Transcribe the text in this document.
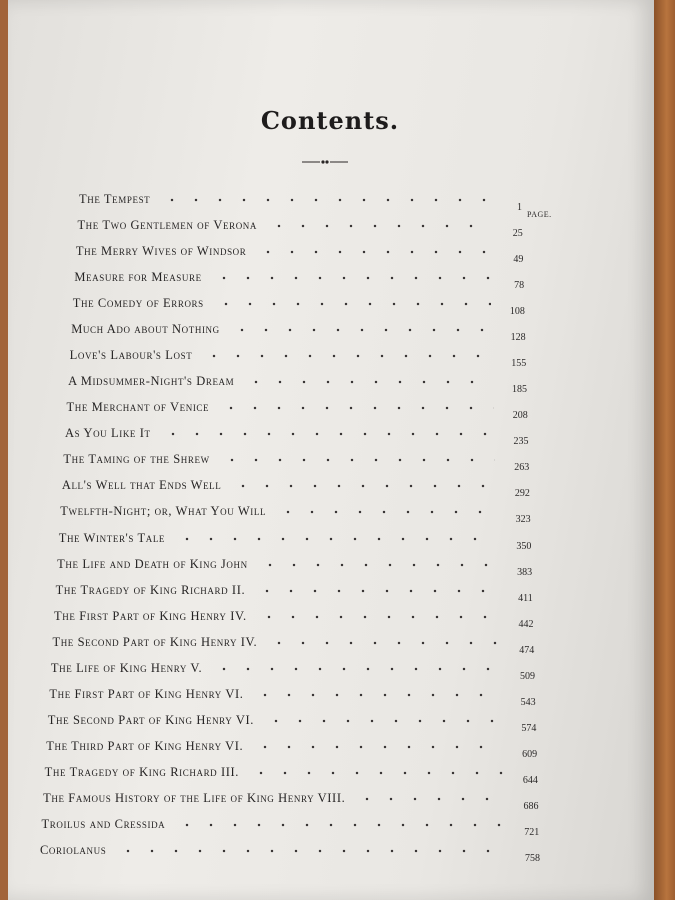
Contents.
PAGE.
The Tempest
1
The Two Gentlemen of Verona
25
The Merry Wives of Windsor
49
Measure for Measure
78
The Comedy of Errors
108
Much Ado about Nothing
128
Love's Labour's Lost
155
A Midsummer-Night's Dream
185
The Merchant of Venice
208
As You Like It
235
The Taming of the Shrew
263
All's Well that Ends Well
292
Twelfth-Night; or, What You Will
323
The Winter's Tale
350
The Life and Death of King John
383
The Tragedy of King Richard II.
411
The First Part of King Henry IV.
442
The Second Part of King Henry IV.
474
The Life of King Henry V.
509
The First Part of King Henry VI.
543
The Second Part of King Henry VI.
574
The Third Part of King Henry VI.
609
The Tragedy of King Richard III.
644
The Famous History of the Life of King Henry VIII.
686
Troilus and Cressida
721
Coriolanus
758
